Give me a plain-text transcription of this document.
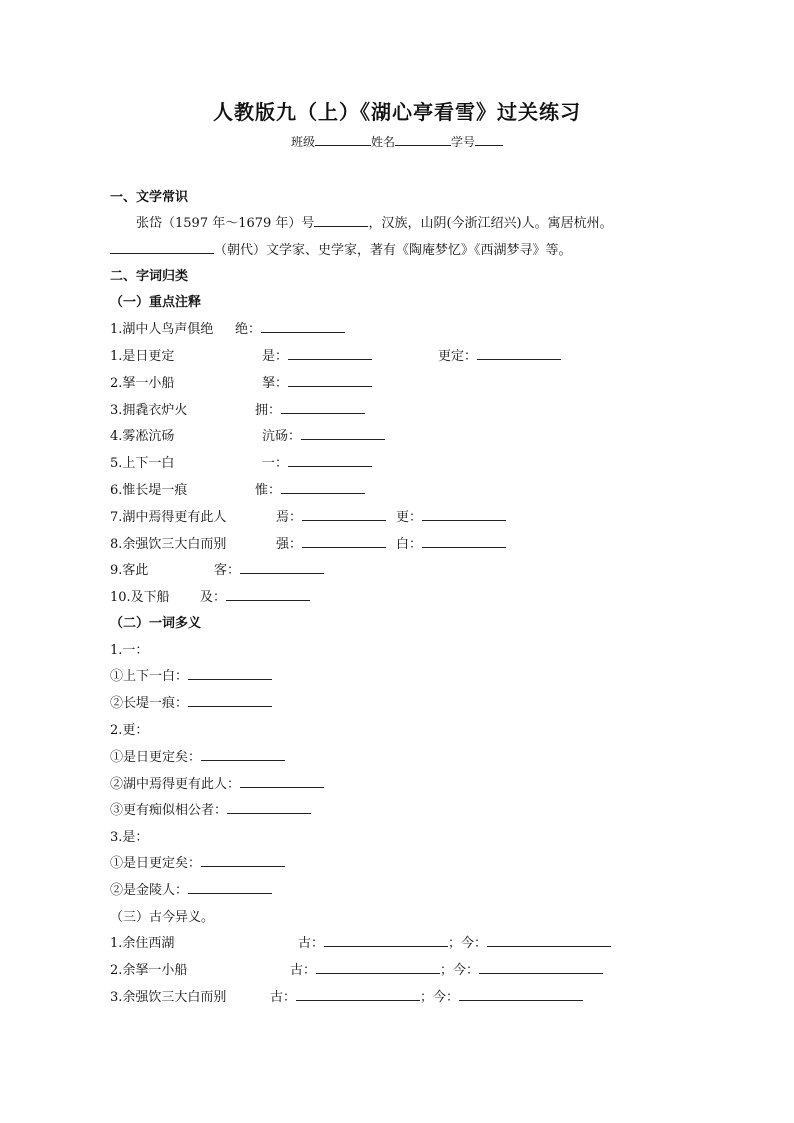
人教版九（上）《湖心亭看雪》过关练习
班级	姓名	学号
一、文学常识
张岱（1597 年～1679 年）号	，汉族，山阴(今浙江绍兴)人。寓居杭州。
（朝代）文学家、史学家，著有《陶庵梦忆》《西湖梦寻》等。
二、字词归类
（一）重点注释
1.湖中人鸟声俱绝 绝：
1.是日更定	是：	更定：
2.拏一小船	拏：
3.拥毳衣炉火	拥：
4.雾凇沆砀	沆砀：
5.上下一白	一：
6.惟长堤一痕	惟：
7.湖中焉得更有此人	焉：	更：
8.余强饮三大白而别	强：	白：
9.客此	客：
10.及下船 及：
（二）一词多义
1.一：
①上下一白：
②长堤一痕：
2.更：
①是日更定矣：
②湖中焉得更有此人：
③更有痴似相公者：
3.是：
①是日更定矣：
②是金陵人：
（三）古今异义。
1.余住西湖	古：	；今：
2.余拏一小船	古：	；今：
3.余强饮三大白而别	古：	；今：
